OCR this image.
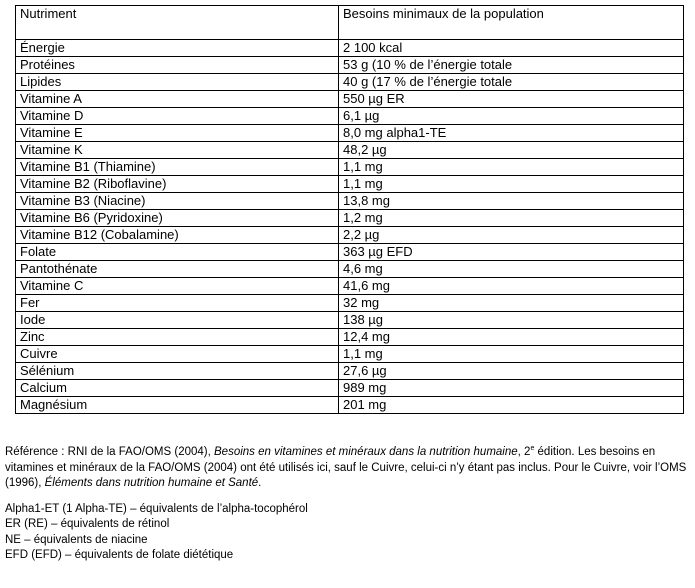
Nutriment	Besoins minimaux de la population
Énergie	2 100 kcal
Protéines	53 g (10 % de l’énergie totale
Lipides	40 g (17 % de l’énergie totale
Vitamine A	550 µg ER
Vitamine D	6,1 µg
Vitamine E	8,0 mg alpha1-TE
Vitamine K	48,2 µg
Vitamine B1 (Thiamine)	1,1 mg
Vitamine B2 (Riboflavine)	1,1 mg
Vitamine B3 (Niacine)	13,8 mg
Vitamine B6 (Pyridoxine)	1,2 mg
Vitamine B12 (Cobalamine)	2,2 µg
Folate	363 µg EFD
Pantothénate	4,6 mg
Vitamine C	41,6 mg
Fer	32 mg
Iode	138 µg
Zinc	12,4 mg
Cuivre	1,1 mg
Sélénium	27,6 µg
Calcium	989 mg
Magnésium	201 mg

Référence : RNI de la FAO/OMS (2004), Besoins en vitamines et minéraux dans la nutrition humaine, 2e édition. Les besoins en vitamines et minéraux de la FAO/OMS (2004) ont été utilisés ici, sauf le Cuivre, celui-ci n’y étant pas inclus. Pour le Cuivre, voir l’OMS (1996), Éléments dans nutrition humaine et Santé.

Alpha1-ET (1 Alpha-TE) – équivalents de l’alpha-tocophérol

ER (RE) – équivalents de rétinol

NE – équivalents de niacine

EFD (EFD) – équivalents de folate diététique
